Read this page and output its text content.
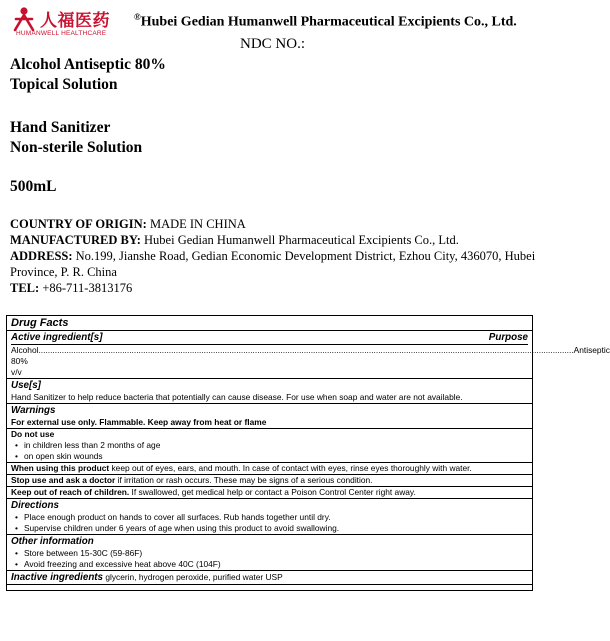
人福医药
HUMANWELL HEALTHCARE
®Hubei Gedian Humanwell Pharmaceutical Excipients Co., Ltd.
NDC NO.:
Alcohol Antiseptic 80%
Topical Solution
Hand Sanitizer
Non-sterile Solution
500mL
COUNTRY OF ORIGIN: MADE IN CHINA
MANUFACTURED BY: Hubei Gedian Humanwell Pharmaceutical Excipients Co., Ltd.
ADDRESS: No.199, Jianshe Road, Gedian Economic Development District, Ezhou City, 436070, Hubei Province, P. R. China
TEL: +86-711-3813176
Drug Facts
Active ingredient[s]	Purpose
Alcohol 80% v/v
...................................................................................................................................................................................................................................... Antiseptic
Use[s]
Hand Sanitizer to help reduce bacteria that potentially can cause disease. For use when soap and water are not available.
Warnings
For external use only. Flammable. Keep away from heat or flame
Do not use
• in children less than 2 months of age
• on open skin wounds
When using this product keep out of eyes, ears, and mouth. In case of contact with eyes, rinse eyes thoroughly with water.
Stop use and ask a doctor if irritation or rash occurs. These may be signs of a serious condition.
Keep out of reach of children. If swallowed, get medical help or contact a Poison Control Center right away.
Directions
• Place enough product on hands to cover all surfaces. Rub hands together until dry.
• Supervise children under 6 years of age when using this product to avoid swallowing.
Other information
• Store between 15-30C (59-86F)
• Avoid freezing and excessive heat above 40C (104F)
Inactive ingredients glycerin, hydrogen peroxide, purified water USP
